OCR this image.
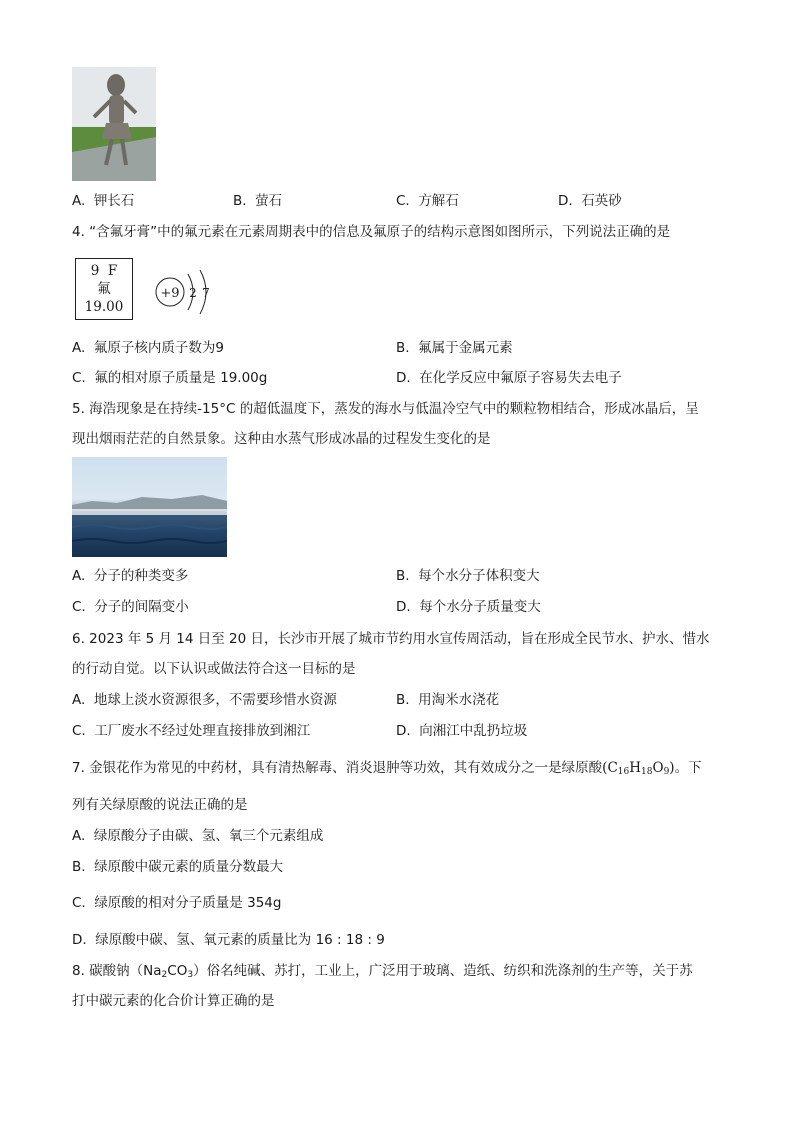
A. 钾长石	B. 萤石	C. 方解石	D. 石英砂
4. “含氟牙膏”中的氟元素在元素周期表中的信息及氟原子的结构示意图如图所示，下列说法正确的是
9 F
氟
19.00
+9 2 7
A. 氟原子核内质子数为9	B. 氟属于金属元素
C. 氟的相对原子质量是 19.00g	D. 在化学反应中氟原子容易失去电子
5. 海浩现象是在持续-15°C 的超低温度下，蒸发的海水与低温冷空气中的颗粒物相结合，形成冰晶后，呈
现出烟雨茫茫的自然景象。这种由水蒸气形成冰晶的过程发生变化的是
A. 分子的种类变多	B. 每个水分子体积变大
C. 分子的间隔变小	D. 每个水分子质量变大
6. 2023 年 5 月 14 日至 20 日，长沙市开展了城市节约用水宣传周活动，旨在形成全民节水、护水、惜水
的行动自觉。以下认识或做法符合这一目标的是
A. 地球上淡水资源很多，不需要珍惜水资源	B. 用淘米水浇花
C. 工厂废水不经过处理直接排放到湘江	D. 向湘江中乱扔垃圾
7. 金银花作为常见的中药材，具有清热解毒、消炎退肿等功效，其有效成分之一是绿原酸$(C_{16}H_{18}O_9)$。下
列有关绿原酸的说法正确的是
A. 绿原酸分子由碳、氢、氧三个元素组成
B. 绿原酸中碳元素的质量分数最大
C. 绿原酸的相对分子质量是 354g
D. 绿原酸中碳、氢、氧元素的质量比为 16 : 18 : 9
8. 碳酸钠$(Na_2CO_3)$俗名纯碱、苏打，工业上，广泛用于玻璃、造纸、纺织和洗涤剂的生产等，关于苏
打中碳元素的化合价计算正确的是
